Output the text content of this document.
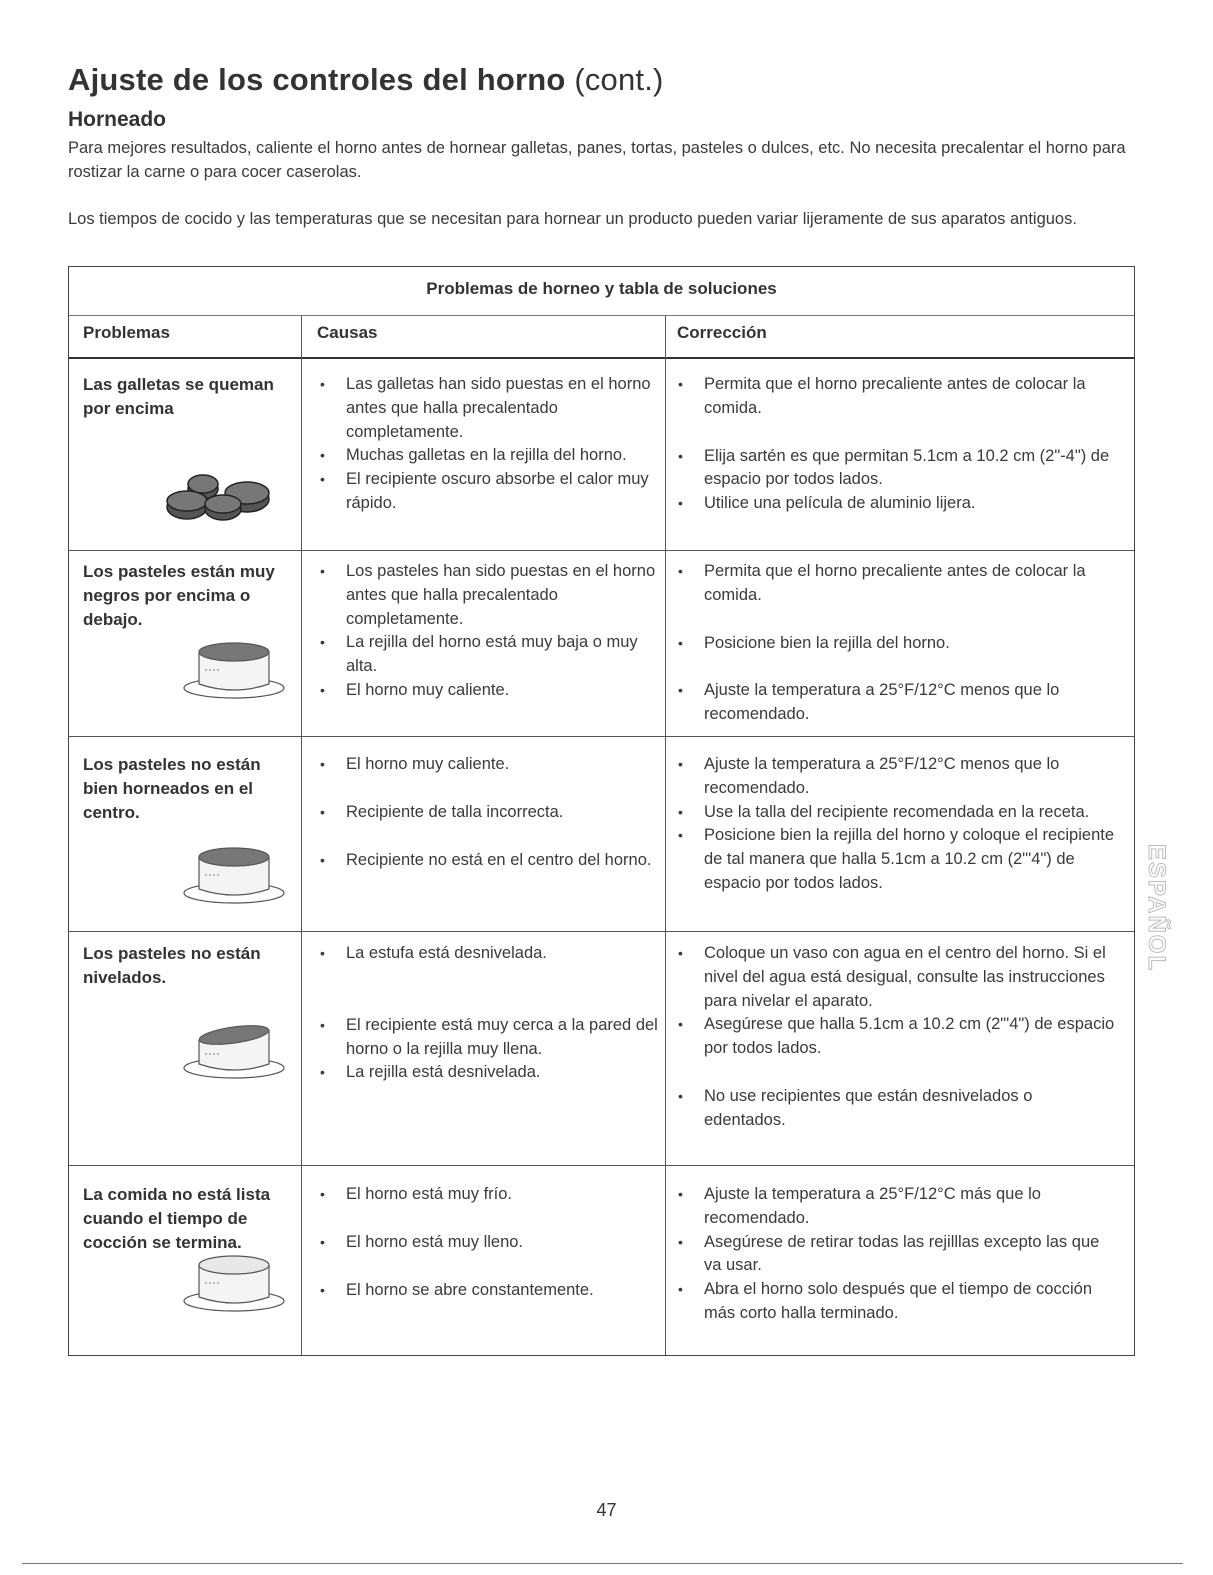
Ajuste de los controles del horno (cont.)
Horneado

Para mejores resultados, caliente el horno antes de hornear galletas, panes, tortas, pasteles o dulces, etc. No necesita precalentar el horno para rostizar la carne o para cocer caserolas.

Los tiempos de cocido y las temperaturas que se necesitan para hornear un producto pueden variar lijeramente de sus aparatos antiguos.

Problemas de horneo y tabla de soluciones
Problemas	Causas	Corrección
Las galletas se queman por encima
• Las galletas han sido puestas en el horno antes que halla precalentado completamente.
• Muchas galletas en la rejilla del horno.
• El recipiente oscuro absorbe el calor muy rápido.
• Permita que el horno precaliente antes de colocar la comida.
• Elija sartén es que permitan 5.1cm a 10.2 cm (2"-4") de espacio por todos lados.
• Utilice una película de aluminio lijera.
Los pasteles están muy negros por encima o debajo.
• Los pasteles han sido puestas en el horno antes que halla precalentado completamente.
• La rejilla del horno está muy baja o muy alta.
• El horno muy caliente.
• Permita que el horno precaliente antes de colocar la comida.
• Posicione bien la rejilla del horno.
• Ajuste la temperatura a 25°F/12°C menos que lo recomendado.
Los pasteles no están bien horneados en el centro.
• El horno muy caliente.
• Recipiente de talla incorrecta.
• Recipiente no está en el centro del horno.
• Ajuste la temperatura a 25°F/12°C menos que lo recomendado.
• Use la talla del recipiente recomendada en la receta.
• Posicione bien la rejilla del horno y coloque el recipiente de tal manera que halla 5.1cm a 10.2 cm (2"'4") de espacio por todos lados.
Los pasteles no están nivelados.
• La estufa está desnivelada.
• El recipiente está muy cerca a la pared del horno o la rejilla muy llena.
• La rejilla está desnivelada.
• Coloque un vaso con agua en el centro del horno. Si el nivel del agua está desigual, consulte las instrucciones para nivelar el aparato.
• Asegúrese que halla 5.1cm a 10.2 cm (2"'4") de espacio por todos lados.
• No use recipientes que están desnivelados o edentados.
La comida no está lista cuando el tiempo de cocción se termina.
• El horno está muy frío.
• El horno está muy lleno.
• El horno se abre constantemente.
• Ajuste la temperatura a 25°F/12°C más que lo recomendado.
• Asegúrese de retirar todas las rejilllas excepto las que va usar.
• Abra el horno solo después que el tiempo de cocción más corto halla terminado.
ESPAÑOL
47
